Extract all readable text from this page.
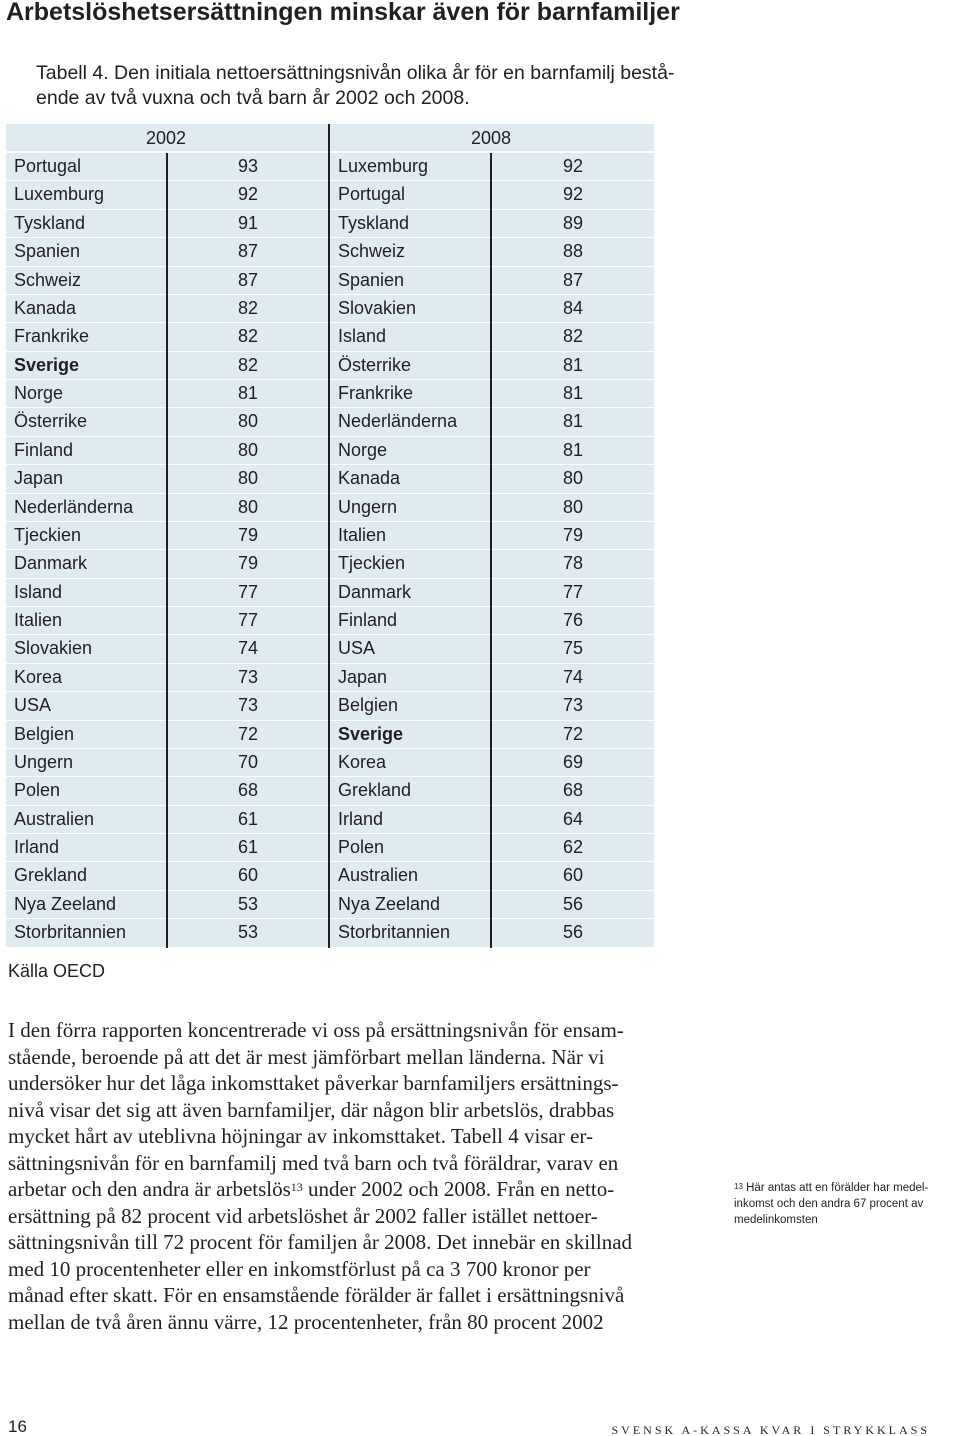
Arbetslöshetsersättningen minskar även för barnfamiljer
Tabell 4. Den initiala nettoersättningsnivån olika år för en barnfamilj bestå-
ende av två vuxna och två barn år 2002 och 2008.
2002	2008
Portugal	93	Luxemburg	92
Luxemburg	92	Portugal	92
Tyskland	91	Tyskland	89
Spanien	87	Schweiz	88
Schweiz	87	Spanien	87
Kanada	82	Slovakien	84
Frankrike	82	Island	82
Sverige	82	Österrike	81
Norge	81	Frankrike	81
Österrike	80	Nederländerna	81
Finland	80	Norge	81
Japan	80	Kanada	80
Nederländerna	80	Ungern	80
Tjeckien	79	Italien	79
Danmark	79	Tjeckien	78
Island	77	Danmark	77
Italien	77	Finland	76
Slovakien	74	USA	75
Korea	73	Japan	74
USA	73	Belgien	73
Belgien	72	Sverige	72
Ungern	70	Korea	69
Polen	68	Grekland	68
Australien	61	Irland	64
Irland	61	Polen	62
Grekland	60	Australien	60
Nya Zeeland	53	Nya Zeeland	56
Storbritannien	53	Storbritannien	56
Källa OECD
I den förra rapporten koncentrerade vi oss på ersättningsnivån för ensam-
stående, beroende på att det är mest jämförbart mellan länderna. När vi
undersöker hur det låga inkomsttaket påverkar barnfamiljers ersättnings-
nivå visar det sig att även barnfamiljer, där någon blir arbetslös, drabbas
mycket hårt av uteblivna höjningar av inkomsttaket. Tabell 4 visar er-
sättningsnivån för en barnfamilj med två barn och två föräldrar, varav en
arbetar och den andra är arbetslös$^{13}$ under 2002 och 2008. Från en netto-
ersättning på 82 procent vid arbetslöshet år 2002 faller istället nettoer-
sättningsnivån till 72 procent för familjen år 2008. Det innebär en skillnad
med 10 procentenheter eller en inkomstförlust på ca 3 700 kronor per
månad efter skatt. För en ensamstående förälder är fallet i ersättningsnivå
mellan de två åren ännu värre, 12 procentenheter, från 80 procent 2002
$^{13}$ Här antas att en förälder har medel-inkomst och den andra 67 procent av medelinkomsten
16	SVENSK A-KASSA KVAR I STRYKKLASS
